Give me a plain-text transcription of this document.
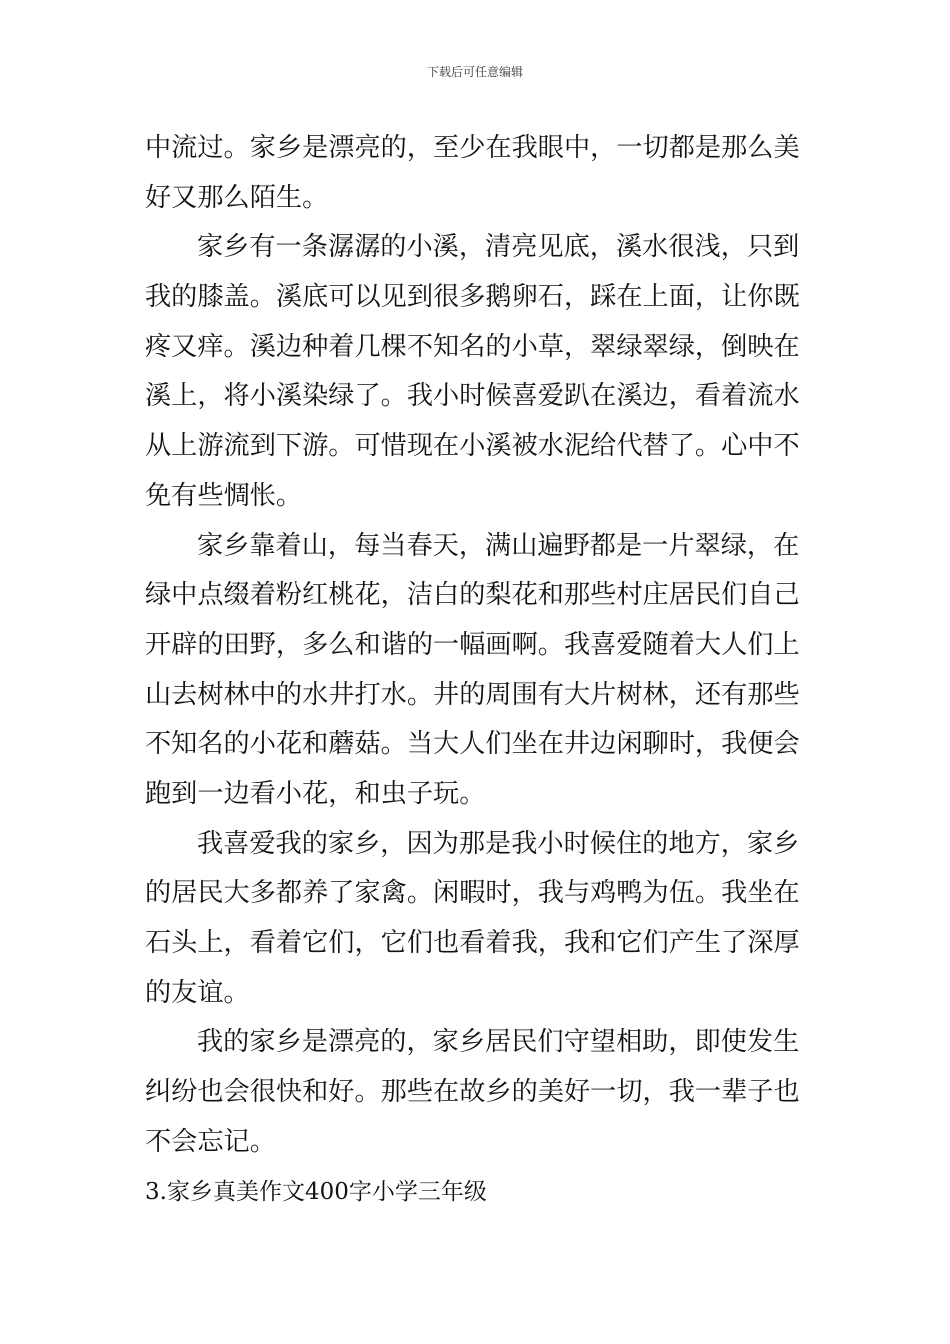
下载后可任意编辑
中流过。家乡是漂亮的，至少在我眼中，一切都是那么美
好又那么陌生。
家乡有一条潺潺的小溪，清亮见底，溪水很浅，只到
我的膝盖。溪底可以见到很多鹅卵石，踩在上面，让你既
疼又痒。溪边种着几棵不知名的小草，翠绿翠绿，倒映在
溪上，将小溪染绿了。我小时候喜爱趴在溪边，看着流水
从上游流到下游。可惜现在小溪被水泥给代替了。心中不
免有些惆怅。
家乡靠着山，每当春天，满山遍野都是一片翠绿，在
绿中点缀着粉红桃花，洁白的梨花和那些村庄居民们自己
开辟的田野，多么和谐的一幅画啊。我喜爱随着大人们上
山去树林中的水井打水。井的周围有大片树林，还有那些
不知名的小花和蘑菇。当大人们坐在井边闲聊时，我便会
跑到一边看小花，和虫子玩。
我喜爱我的家乡，因为那是我小时候住的地方，家乡
的居民大多都养了家禽。闲暇时，我与鸡鸭为伍。我坐在
石头上，看着它们，它们也看着我，我和它们产生了深厚
的友谊。
我的家乡是漂亮的，家乡居民们守望相助，即使发生
纠纷也会很快和好。那些在故乡的美好一切，我一辈子也
不会忘记。
3.家乡真美作文400字小学三年级
